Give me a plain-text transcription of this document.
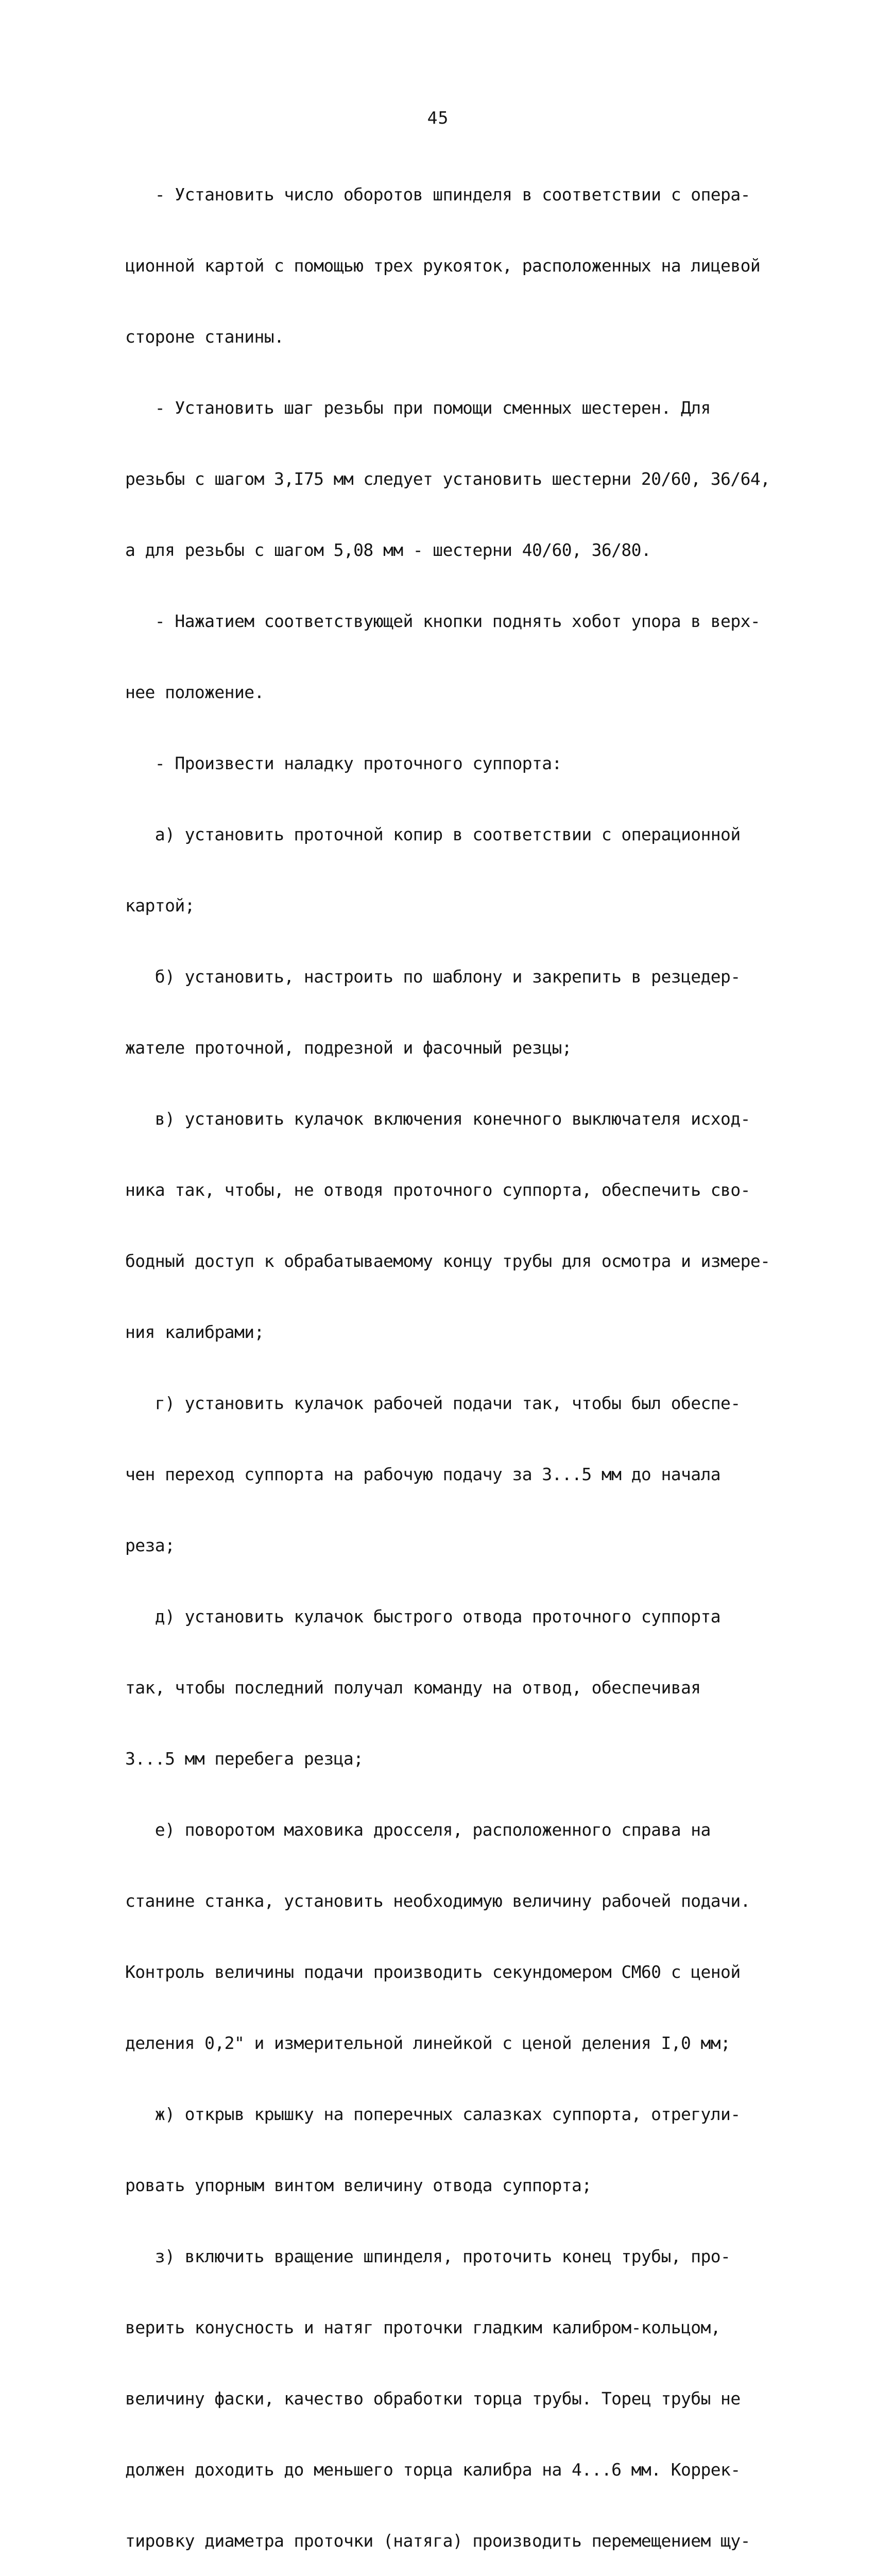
45

- Установить число оборотов шпинделя в соответствии с опера-

ционной картой с помощью трех рукояток, расположенных на лицевой

стороне станины.

- Установить шаг резьбы при помощи сменных шестерен. Для

резьбы с шагом 3,I75 мм следует установить шестерни 20/60, 36/64,

а для резьбы с шагом 5,08 мм - шестерни 40/60, 36/80.

- Нажатием соответствующей кнопки поднять хобот упора в верх-

нее положение.

- Произвести наладку проточного суппорта:

а) установить проточной копир в соответствии с операционной

картой;

б) установить, настроить по шаблону и закрепить в резцедер-

жателе проточной, подрезной и фасочный резцы;

в) установить кулачок включения конечного выключателя исход-

ника так, чтобы, не отводя проточного суппорта, обеспечить сво-

бодный доступ к обрабатываемому концу трубы для осмотра и измере-

ния калибрами;

г) установить кулачок рабочей подачи так, чтобы был обеспе-

чен переход суппорта на рабочую подачу за 3...5 мм до начала

реза;

д) установить кулачок быстрого отвода проточного суппорта

так, чтобы последний получал команду на отвод, обеспечивая

3...5 мм перебега резца;

е) поворотом маховика дросселя, расположенного справа на

станине станка, установить необходимую величину рабочей подачи.

Контроль величины подачи производить секундомером СМ60 с ценой

деления 0,2" и измерительной линейкой с ценой деления I,0 мм;

ж) открыв крышку на поперечных салазках суппорта, отрегули-

ровать упорным винтом величину отвода суппорта;

з) включить вращение шпинделя, проточить конец трубы, про-

верить конусность и натяг проточки гладким калибром-кольцом,

величину фаски, качество обработки торца трубы. Торец трубы не

должен доходить до меньшего торца калибра на 4...6 мм. Коррек-

тировку диаметра проточки (натяга) производить перемещением щу-
